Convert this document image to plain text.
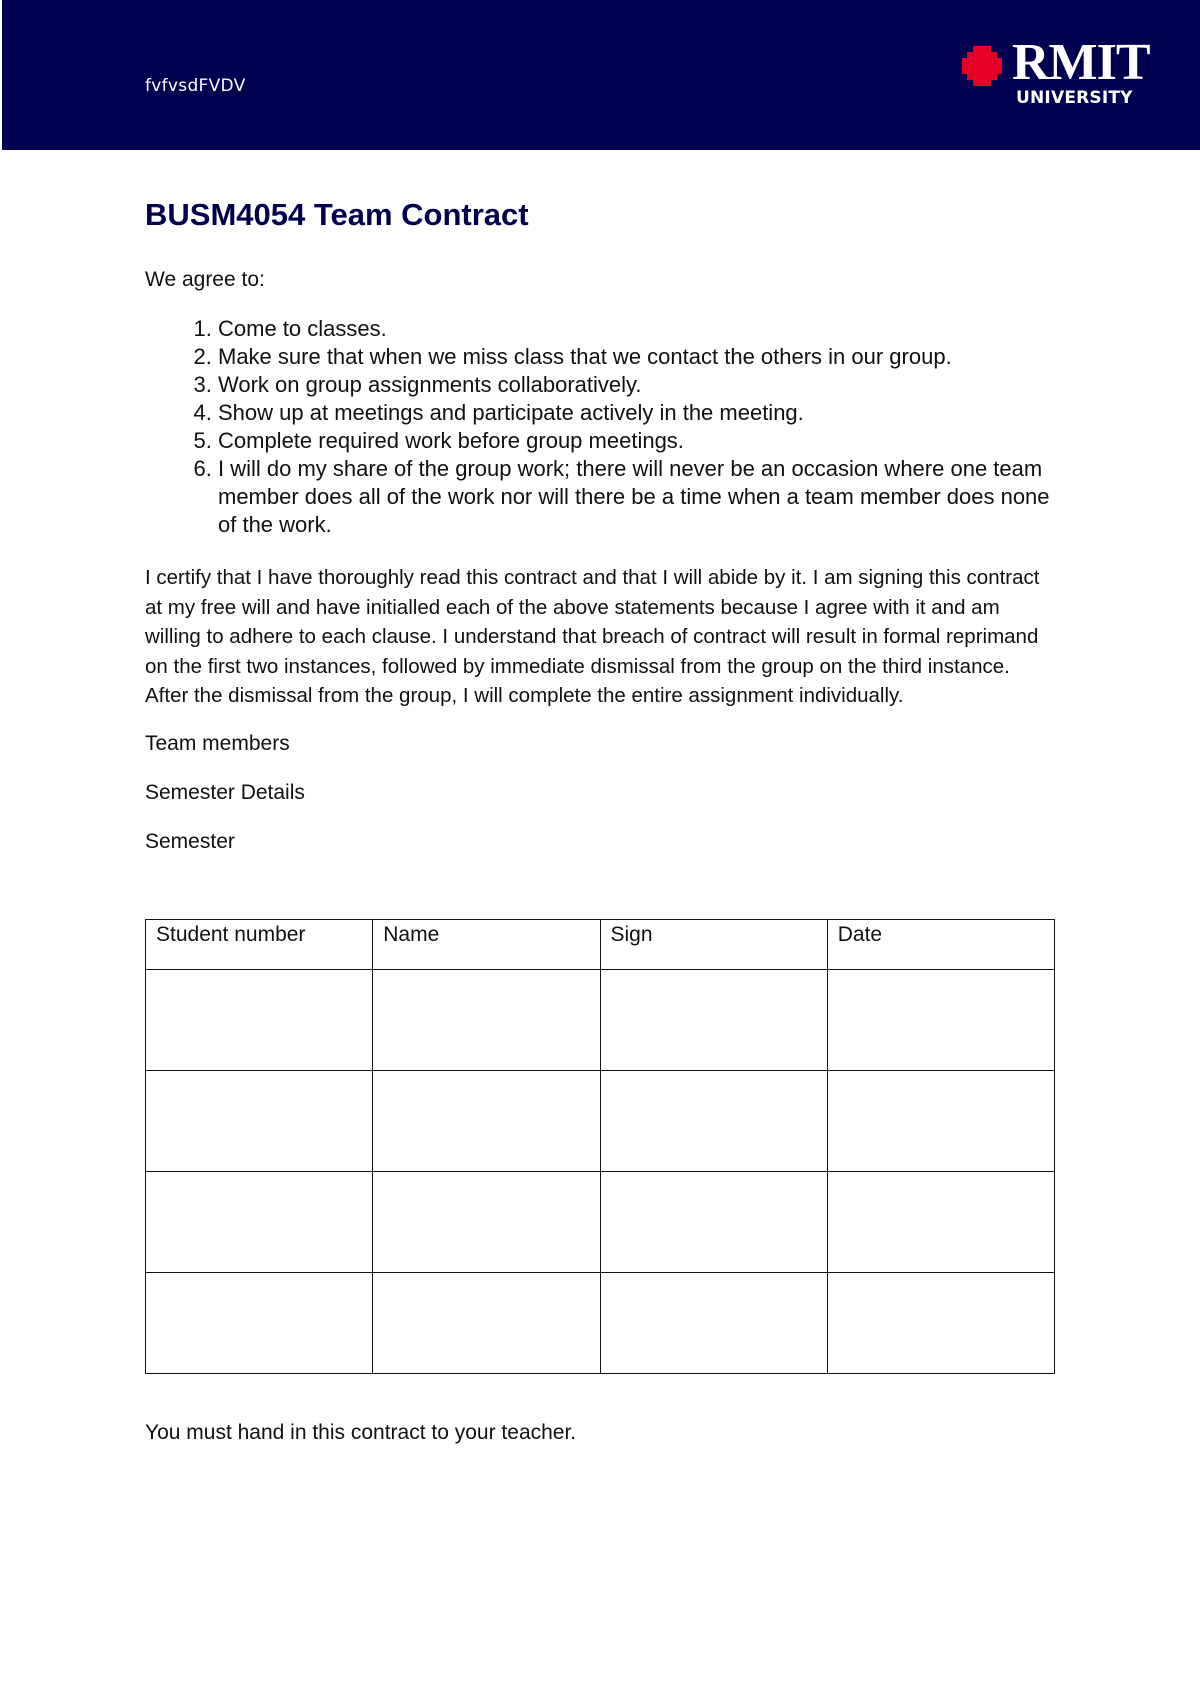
fvfvsdFVDV	RMIT
UNIVERSITY
BUSM4054 Team Contract
We agree to:
1. Come to classes.
2. Make sure that when we miss class that we contact the others in our group.
3. Work on group assignments collaboratively.
4. Show up at meetings and participate actively in the meeting.
5. Complete required work before group meetings.
6. I will do my share of the group work; there will never be an occasion where one team member does all of the work nor will there be a time when a team member does none of the work.
I certify that I have thoroughly read this contract and that I will abide by it. I am signing this contract at my free will and have initialled each of the above statements because I agree with it and am willing to adhere to each clause. I understand that breach of contract will result in formal reprimand on the first two instances, followed by immediate dismissal from the group on the third instance. After the dismissal from the group, I will complete the entire assignment individually.
Team members
Semester Details
Semester
Student number	Name	Sign	Date

You must hand in this contract to your teacher.
